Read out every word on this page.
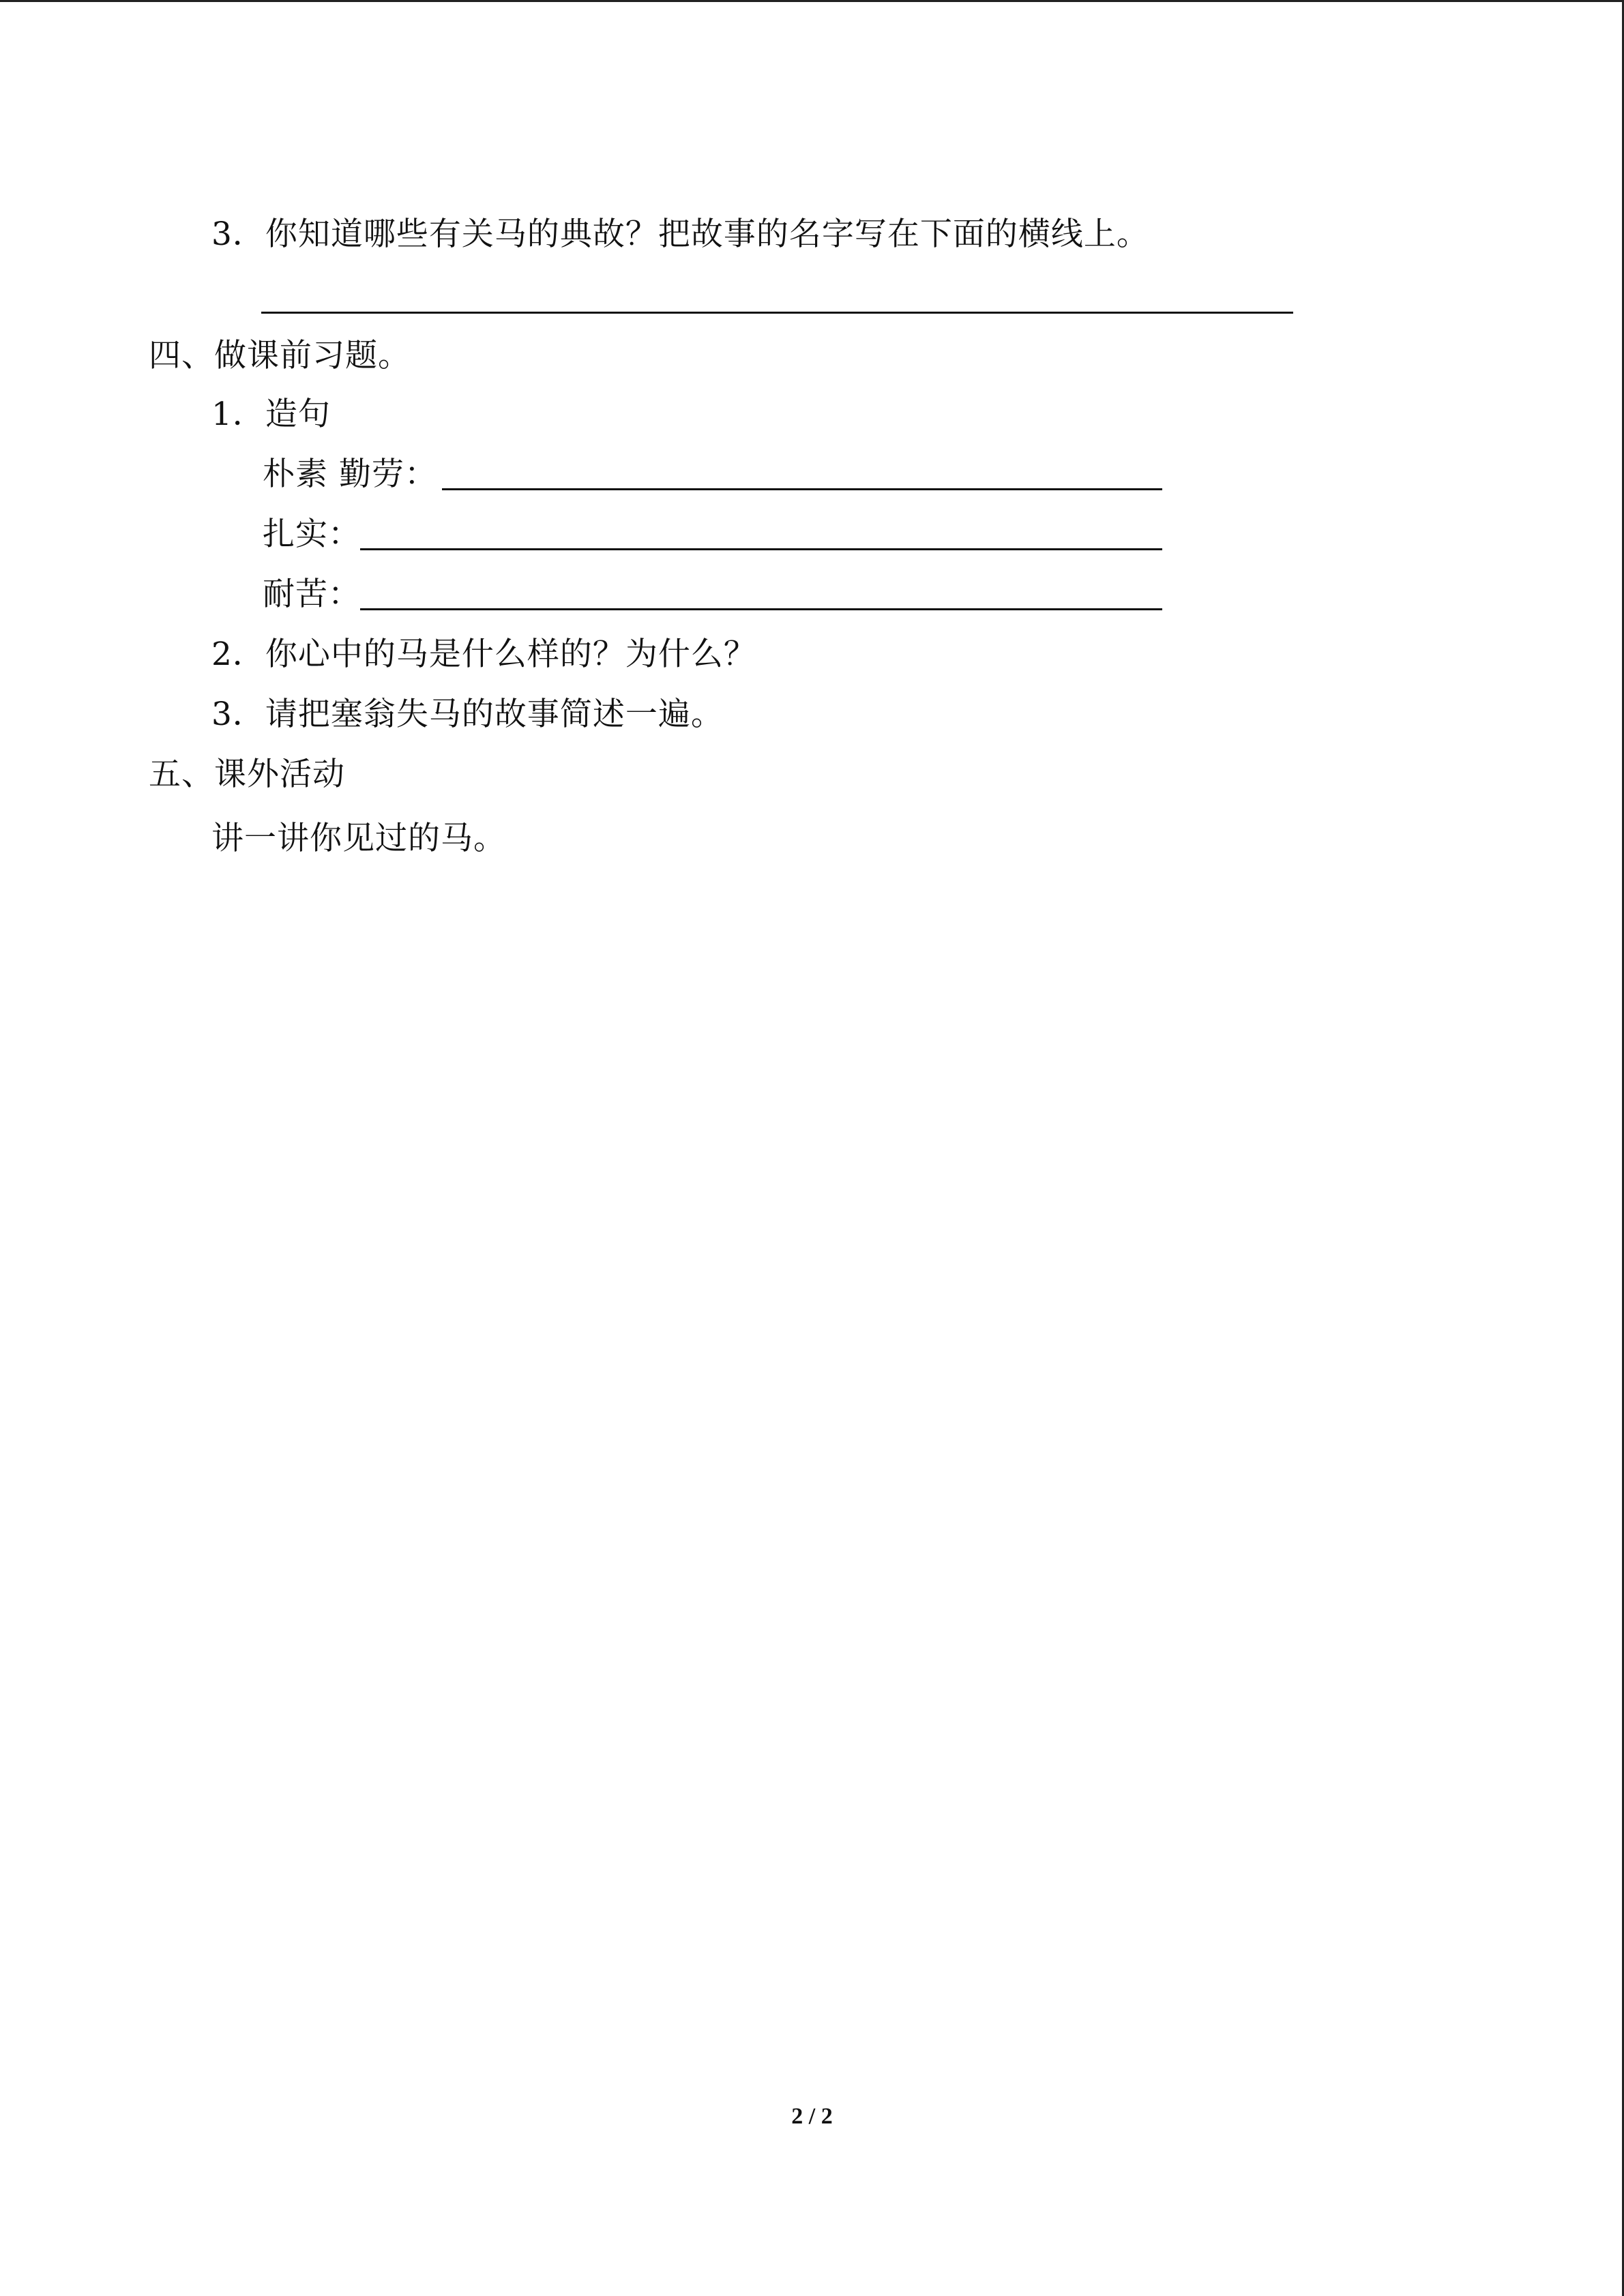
3．你知道哪些有关马的典故？把故事的名字写在下面的横线上。
四、做课前习题。
1．造句
朴素 勤劳：
扎实：
耐苦：
2．你心中的马是什么样的？为什么？
3．请把塞翁失马的故事简述一遍。
五、课外活动
讲一讲你见过的马。
2 / 2
